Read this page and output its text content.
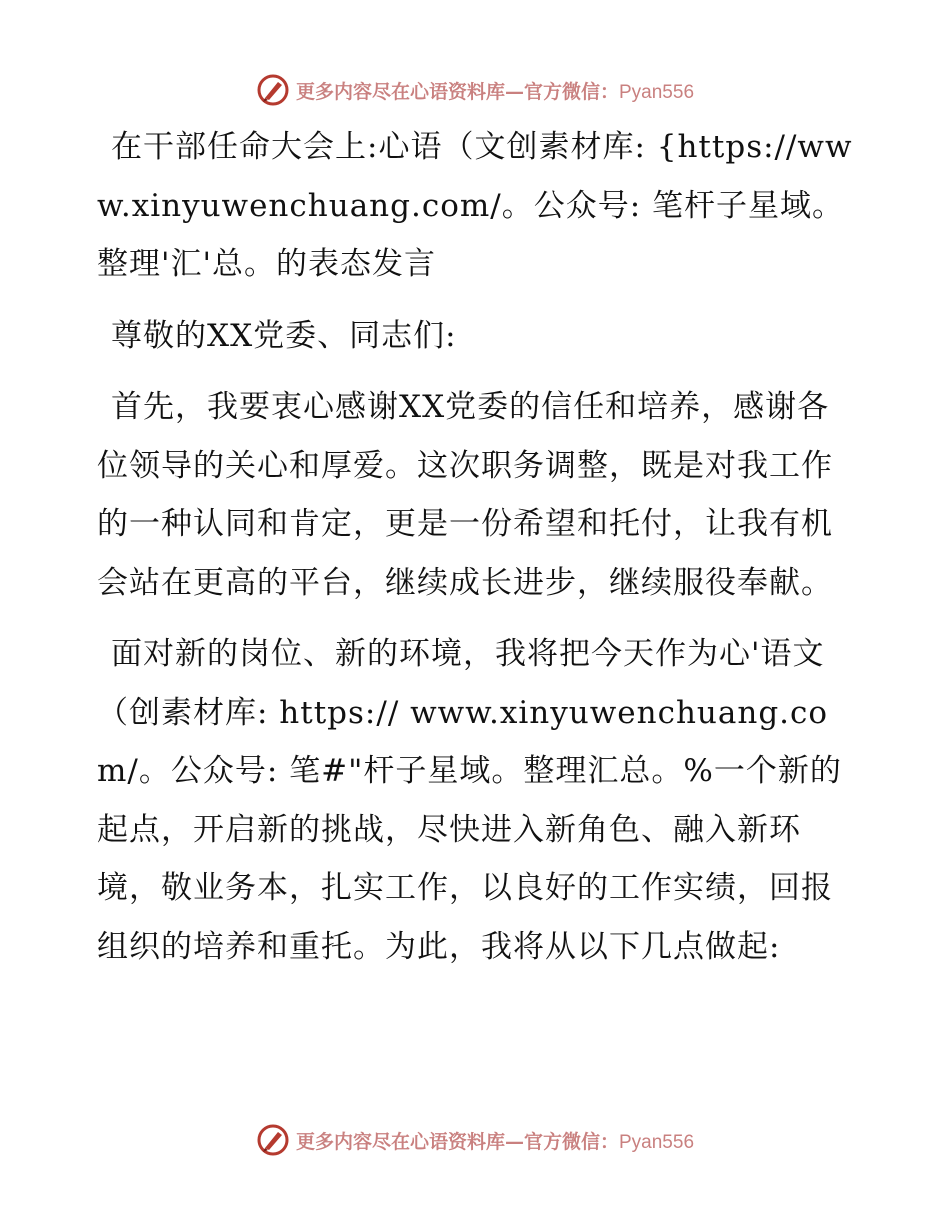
更多内容尽在心语资料库—官方微信：Pyan556

在干部任命大会上:心语（文创素材库: {https://www.xinyuwenchuang.com/。公众号: 笔杆子星域。整理'汇'总。的表态发言

尊敬的XX党委、同志们:

首先，我要衷心感谢XX党委的信任和培养，感谢各位领导的关心和厚爱。这次职务调整，既是对我工作的一种认同和肯定，更是一份希望和托付，让我有机会站在更高的平台，继续成长进步，继续服役奉献。

面对新的岗位、新的环境，我将把今天作为心'语文（创素材库: https:// www.xinyuwenchuang.com/。公众号: 笔#"杆子星域。整理汇总。%一个新的起点，开启新的挑战，尽快进入新角色、融入新环境，敬业务本，扎实工作，以良好的工作实绩，回报组织的培养和重托。为此，我将从以下几点做起:

更多内容尽在心语资料库—官方微信：Pyan556
